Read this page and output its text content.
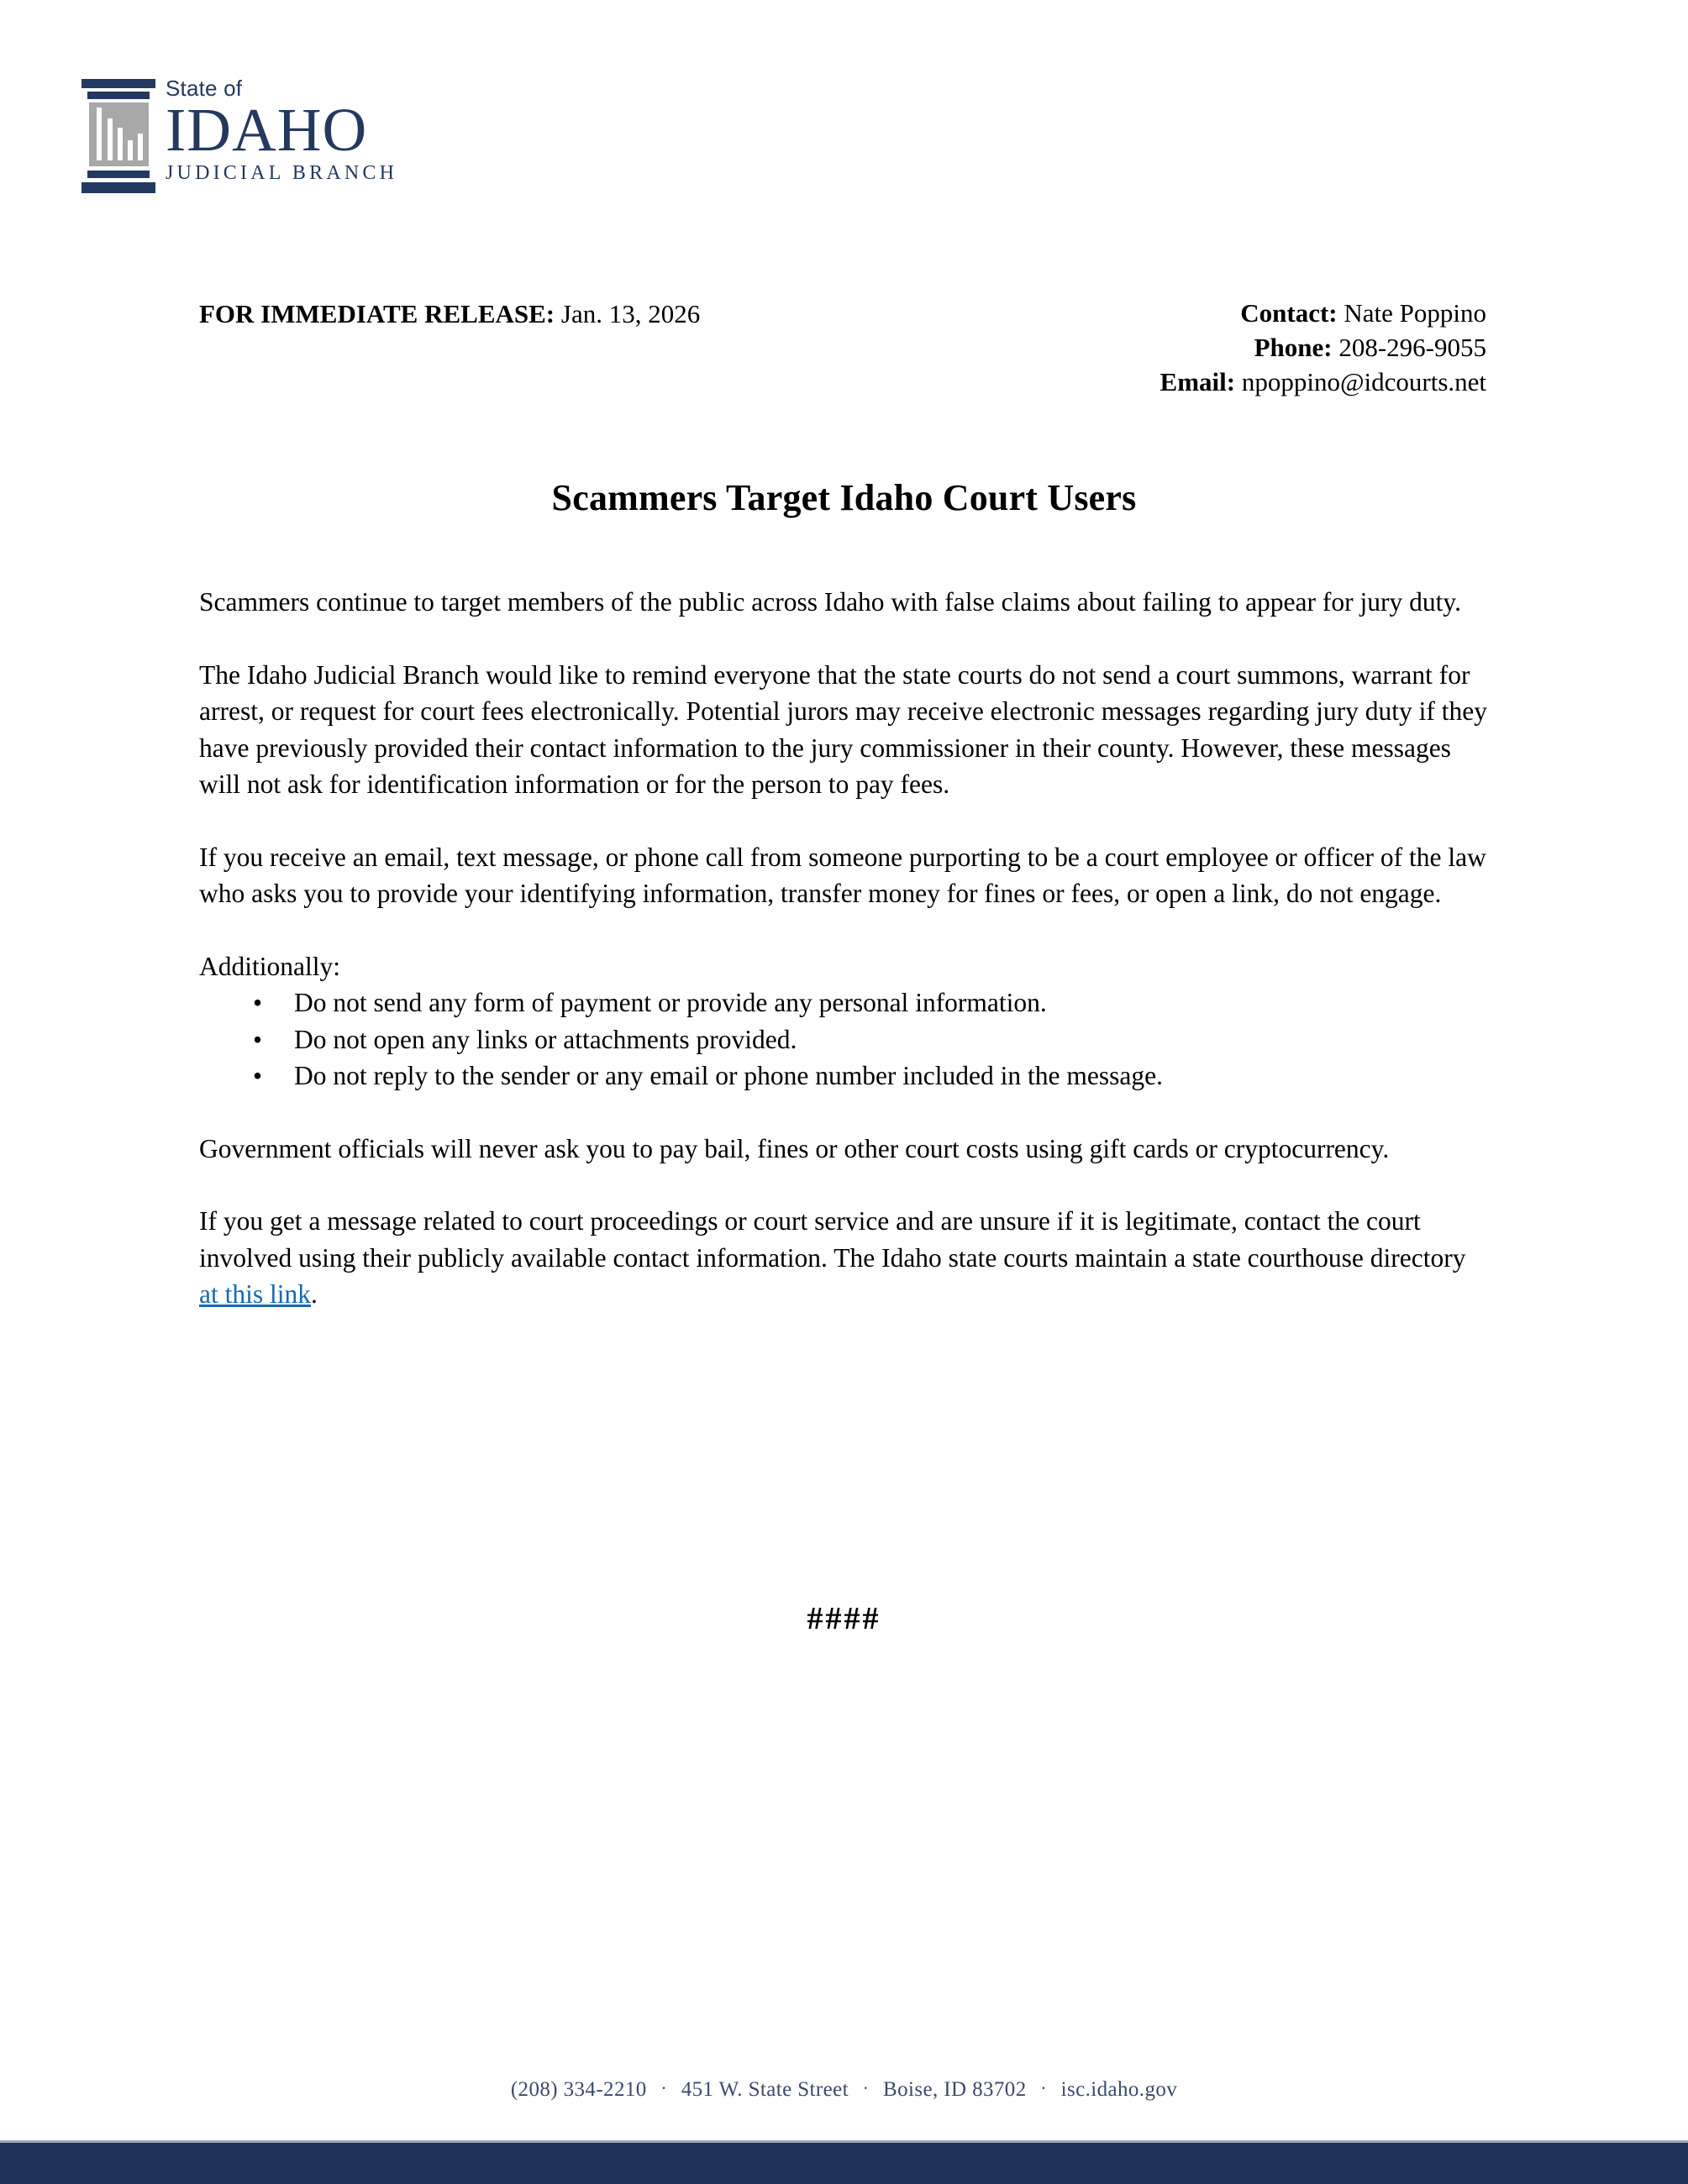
State of
IDAHO
JUDICIAL BRANCH
FOR IMMEDIATE RELEASE: Jan. 13, 2026	Contact: Nate Poppino
Phone: 208-296-9055
Email: npoppino@idcourts.net
Scammers Target Idaho Court Users

Scammers continue to target members of the public across Idaho with false claims about failing to appear for jury duty.

The Idaho Judicial Branch would like to remind everyone that the state courts do not send a court summons, warrant for arrest, or request for court fees electronically. Potential jurors may receive electronic messages regarding jury duty if they have previously provided their contact information to the jury commissioner in their county. However, these messages will not ask for identification information or for the person to pay fees.

If you receive an email, text message, or phone call from someone purporting to be a court employee or officer of the law who asks you to provide your identifying information, transfer money for fines or fees, or open a link, do not engage.

Additionally:

• Do not send any form of payment or provide any personal information.
• Do not open any links or attachments provided.
• Do not reply to the sender or any email or phone number included in the message.

Government officials will never ask you to pay bail, fines or other court costs using gift cards or cryptocurrency.

If you get a message related to court proceedings or court service and are unsure if it is legitimate, contact the court involved using their publicly available contact information. The Idaho state courts maintain a state courthouse directory at this link.

####
(208) 334-2210 · 451 W. State Street · Boise, ID 83702 · isc.idaho.gov
